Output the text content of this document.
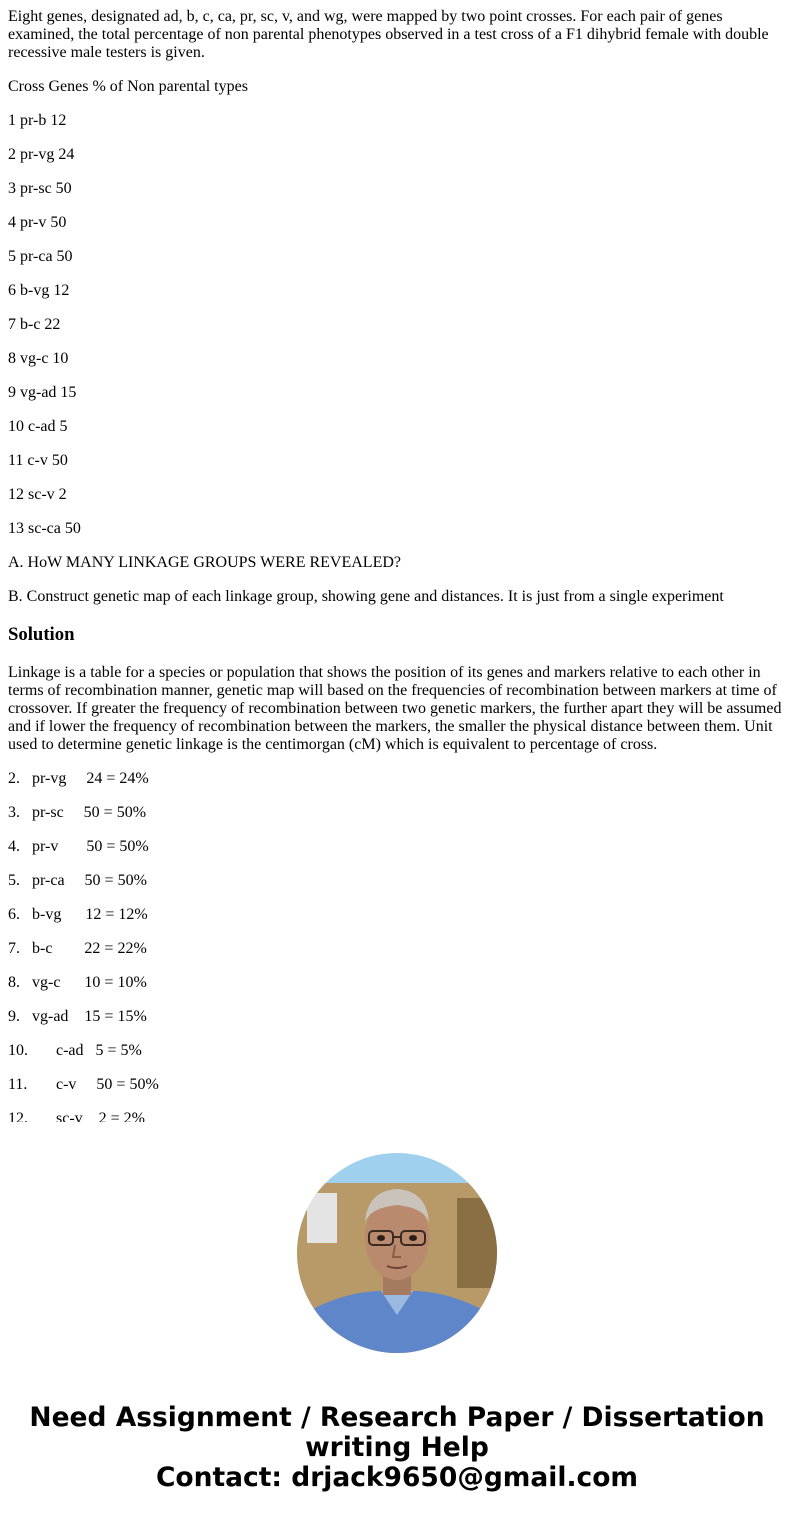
Eight genes, designated ad, b, c, ca, pr, sc, v, and wg, were mapped by two point crosses. For each pair of genes examined, the total percentage of non parental phenotypes observed in a test cross of a F1 dihybrid female with double recessive male testers is given.

Cross Genes % of Non parental types

1 pr-b 12

2 pr-vg 24

3 pr-sc 50

4 pr-v 50

5 pr-ca 50

6 b-vg 12

7 b-c 22

8 vg-c 10

9 vg-ad 15

10 c-ad 5

11 c-v 50

12 sc-v 2

13 sc-ca 50

A. HoW MANY LINKAGE GROUPS WERE REVEALED?

B. Construct genetic map of each linkage group, showing gene and distances. It is just from a single experiment

Solution

Linkage is a table for a species or population that shows the position of its genes and markers relative to each other in terms of recombination manner, genetic map will based on the frequencies of recombination between markers at time of crossover. If greater the frequency of recombination between two genetic markers, the further apart they will be assumed and if lower the frequency of recombination between the markers, the smaller the physical distance between them. Unit used to determine genetic linkage is the centimorgan (cM) which is equivalent to percentage of cross.

2. pr-vg     24 = 24%

3. pr-sc     50 = 50%

4. pr-v       50 = 50%

5. pr-ca     50 = 50%

6. b-vg      12 = 12%

7. b-c        22 = 22%

8. vg-c      10 = 10%

9. vg-ad    15 = 15%

10. c-ad   5 = 5%

11. c-v     50 = 50%

12. sc-v    2 = 2%

Need Assignment / Research Paper / Dissertation
writing Help
Contact: drjack9650@gmail.com
